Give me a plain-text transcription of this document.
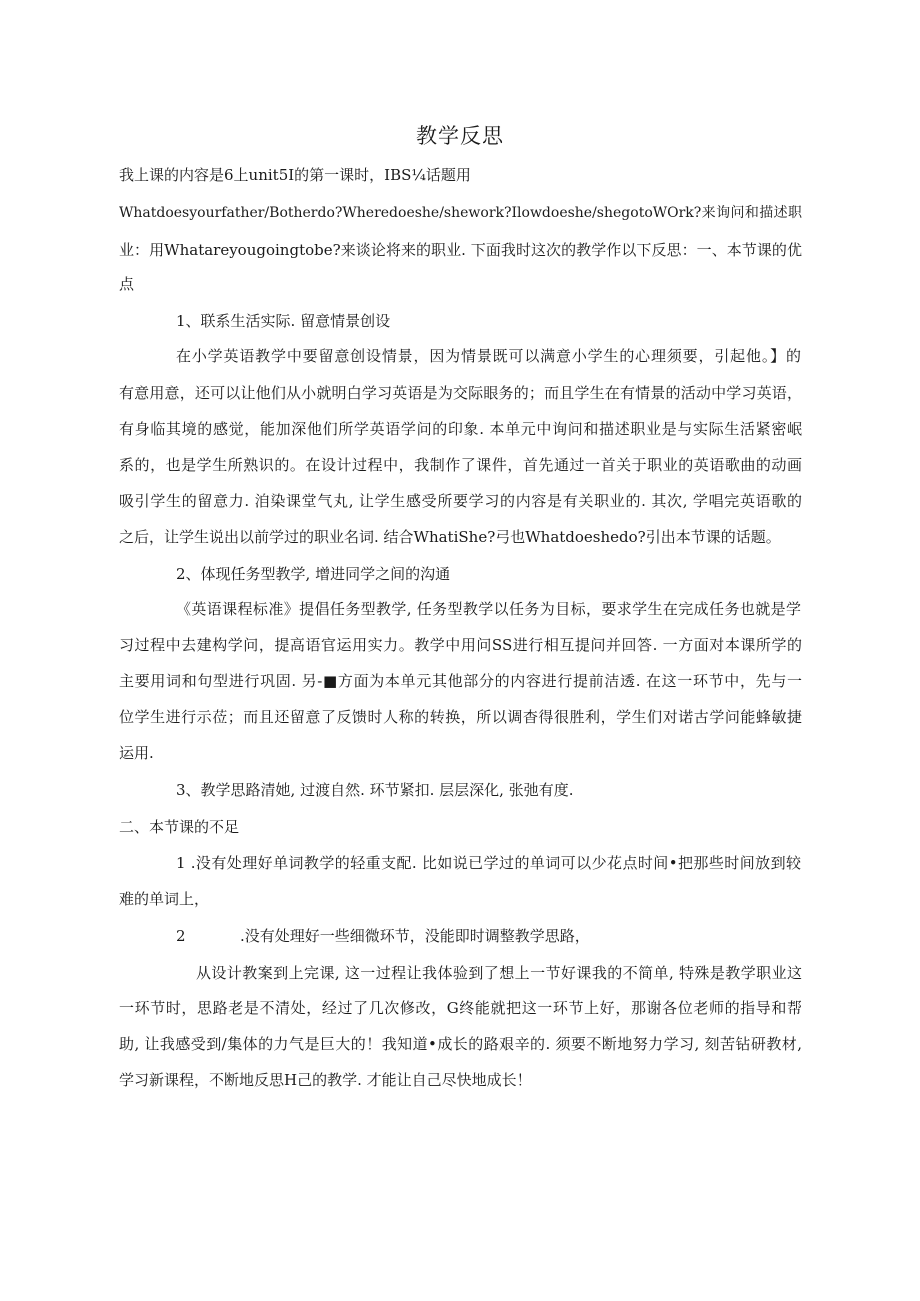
教学反思
我上课的内容是6上unit5I的第一课时，IBS¼话题用
Whatdoesyourfather/Botherdo?Wheredoeshe/shework?Ilowdoeshe/shegotoWOrk?来询问和描述职
业：用Whatareyougoingtobe?来谈论将来的职业. 下面我时这次的教学作以下反思：一、本节课的优
点
1、联系生活实际. 留意情景创设
在小学英语教学中要留意创设情景，因为情景既可以满意小学生的心理须要，引起他。】的
有意用意，还可以让他们从小就明白学习英语是为交际眼务的；而且学生在有情景的活动中学习英语，
有身临其境的感觉，能加深他们所学英语学问的印象. 本单元中询问和描述职业是与实际生活紧密岷
系的，也是学生所熟识的。在设计过程中，我制作了课件，首先通过一首关于职业的英语歌曲的动画
吸引学生的留意力. 洎染课堂气丸, 让学生感受所要学习的内容是有关职业的. 其次, 学唱完英语歌的
之后，让学生说出以前学过的职业名词. 结合WhatiShe?弓也Whatdoeshedo?引出本节课的话题。
2、体现任务型教学, 增进同学之间的沟通
《英语课程标准》提倡任务型教学, 任务型教学以任务为目标，要求学生在完成任务也就是学
习过程中去建构学问，提高语官运用实力。教学中用问SS进行相互提问并回答. 一方面对本课所学的
主要用词和句型进行巩固. 另-■方面为本单元其他部分的内容进行提前洁透. 在这一环节中，先与一
位学生进行示莅；而且还留意了反馈时人称的转换，所以调杳得很胜利，学生们对诺古学问能蜂敏捷
运用.
3、教学思路清她, 过渡自然. 环节紧扣. 层层深化, 张弛有度.
二、本节课的不足
1 .没有处理好单词教学的轻重支配. 比如说已学过的单词可以少花点时间•把那些时间放到较
难的单词上，
2	.没有处理好一些细微环节，没能即时调整教学思路，
从设计教案到上完课, 这一过程让我体验到了想上一节好课我的不简单, 特殊是教学职业这
一环节时，思路老是不清处，经过了几次修改，G终能就把这一环节上好，那谢各位老师的指导和帮
助, 让我感受到/集体的力气是巨大的！我知道•成长的路艰辛的. 须要不断地努力学习, 刻苦钻研教材,
学习新课程，不断地反思H己的教学. 才能让自己尽快地成长！
